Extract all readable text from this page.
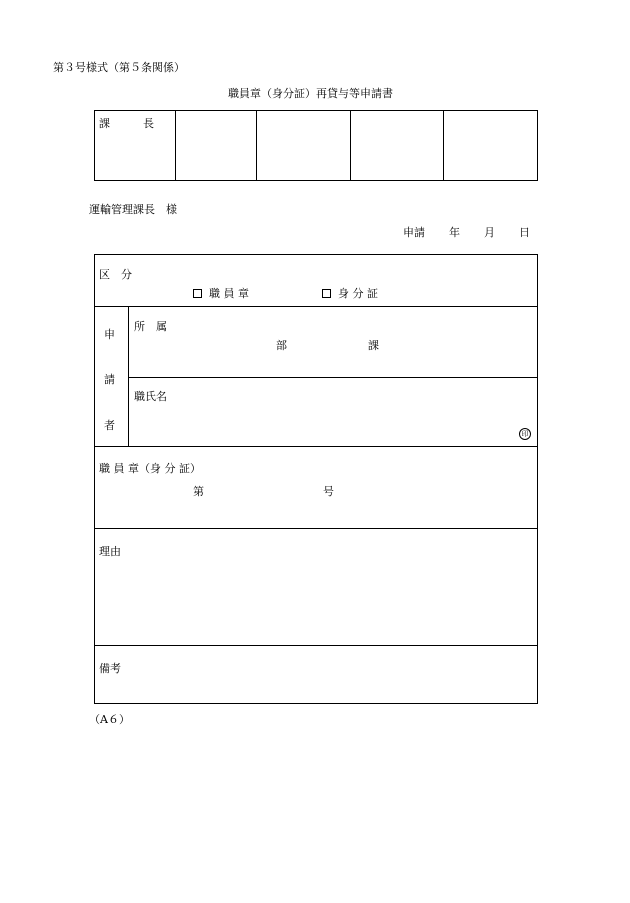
第３号様式（第５条関係）
職員章（身分証）再貸与等申請書
課　　　長
運輸管理課長　様
申請 年 月 日
区　分
職 員 章	身 分 証
申
請
者
所　属
部	課
職氏名
印
職 員 章（身 分 証）
第	号
理由
備考
（A６）
